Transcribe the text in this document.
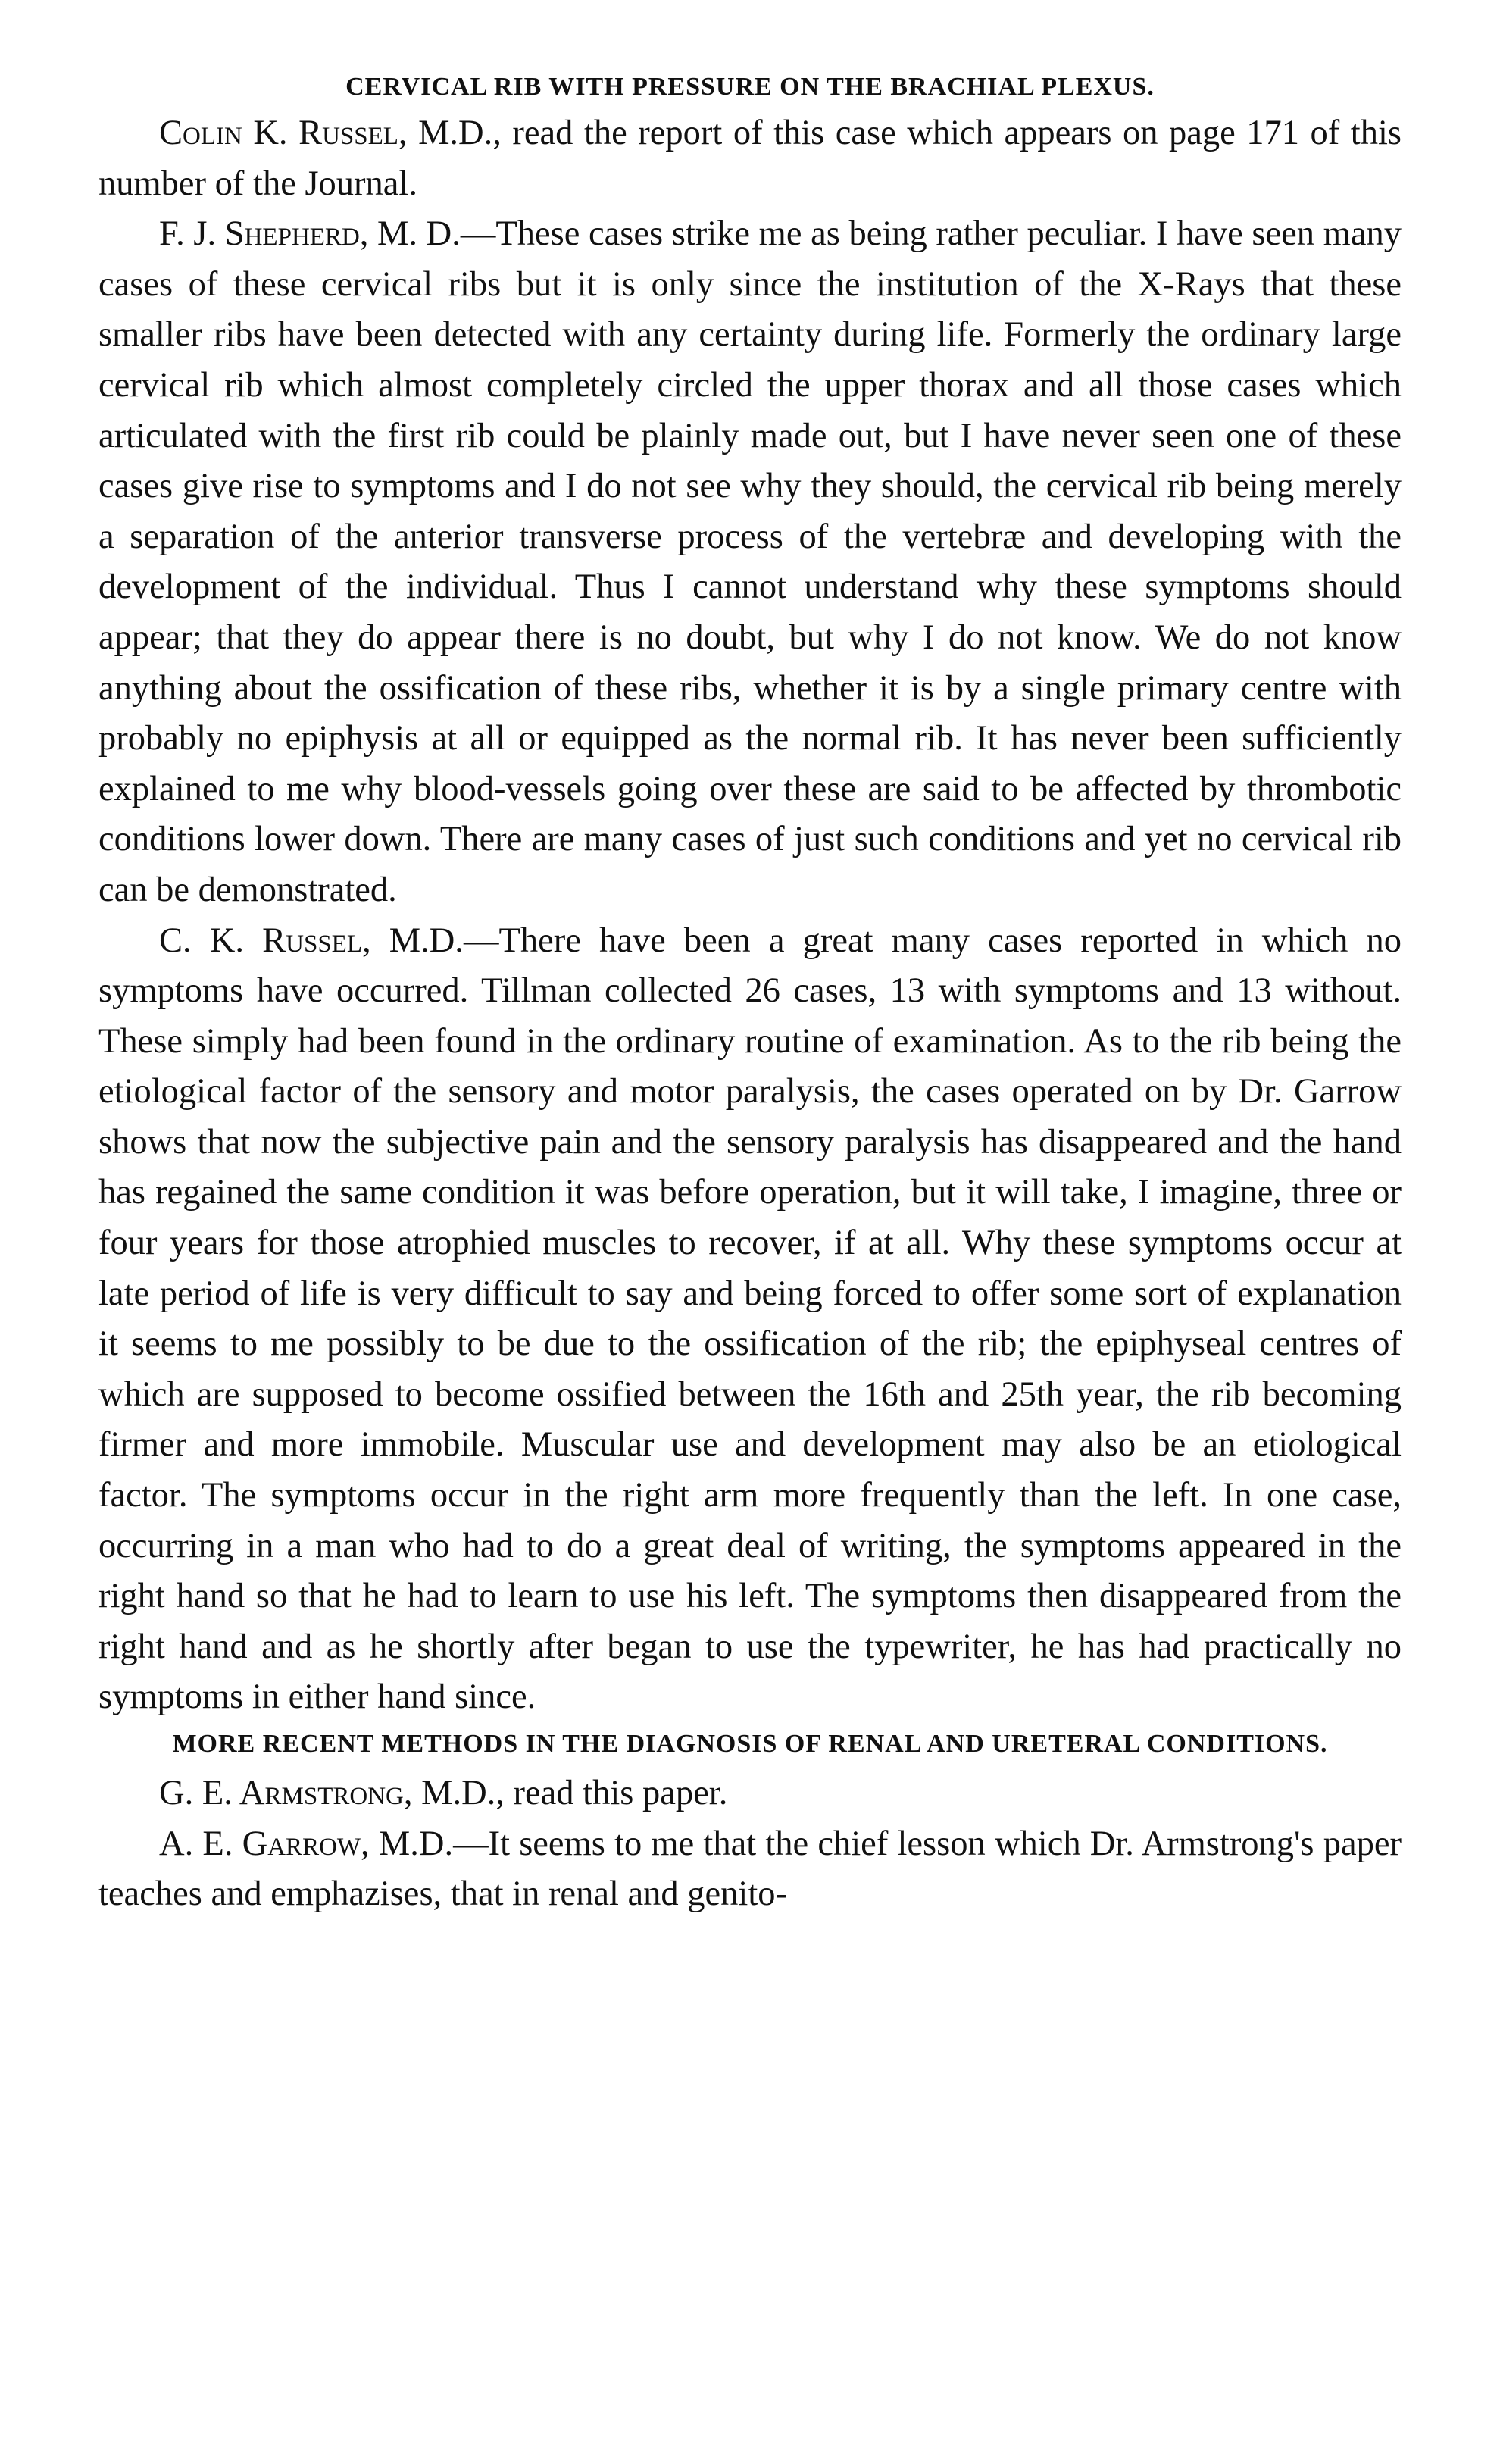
CERVICAL RIB WITH PRESSURE ON THE BRACHIAL PLEXUS.

Colin K. Russel, M.D., read the report of this case which appears on page 171 of this number of the Journal.

F. J. Shepherd, M. D.—These cases strike me as being rather peculiar. I have seen many cases of these cervical ribs but it is only since the institution of the X-Rays that these smaller ribs have been detected with any certainty during life. Formerly the ordinary large cervical rib which almost completely circled the upper thorax and all those cases which articulated with the first rib could be plainly made out, but I have never seen one of these cases give rise to symptoms and I do not see why they should, the cervical rib being merely a separation of the anterior transverse process of the vertebræ and developing with the development of the individual. Thus I cannot understand why these symptoms should appear; that they do appear there is no doubt, but why I do not know. We do not know anything about the ossification of these ribs, whether it is by a single primary centre with probably no epiphysis at all or equipped as the normal rib. It has never been sufficiently explained to me why blood-vessels going over these are said to be affected by thrombotic conditions lower down. There are many cases of just such conditions and yet no cervical rib can be demonstrated.

C. K. Russel, M.D.—There have been a great many cases reported in which no symptoms have occurred. Tillman collected 26 cases, 13 with symptoms and 13 without. These simply had been found in the ordinary routine of examination. As to the rib being the etiological factor of the sensory and motor paralysis, the cases operated on by Dr. Garrow shows that now the subjective pain and the sensory paralysis has disappeared and the hand has regained the same condition it was before operation, but it will take, I imagine, three or four years for those atrophied muscles to recover, if at all. Why these symptoms occur at late period of life is very difficult to say and being forced to offer some sort of explanation it seems to me possibly to be due to the ossification of the rib; the epiphyseal centres of which are supposed to become ossified between the 16th and 25th year, the rib becoming firmer and more immobile. Muscular use and development may also be an etiological factor. The symptoms occur in the right arm more frequently than the left. In one case, occurring in a man who had to do a great deal of writing, the symptoms appeared in the right hand so that he had to learn to use his left. The symptoms then disappeared from the right hand and as he shortly after began to use the typewriter, he has had practically no symptoms in either hand since.

MORE RECENT METHODS IN THE DIAGNOSIS OF RENAL AND URETERAL CONDITIONS.

G. E. Armstrong, M.D., read this paper.

A. E. Garrow, M.D.—It seems to me that the chief lesson which Dr. Armstrong's paper teaches and emphazises, that in renal and genito-
